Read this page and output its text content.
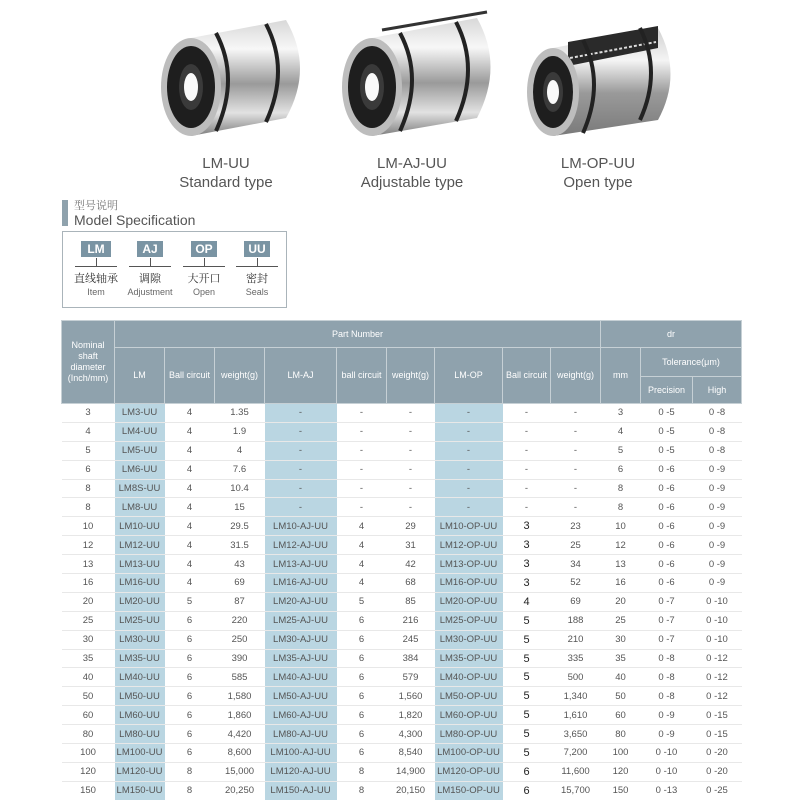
LM-UU
Standard type
LM-AJ-UU
Adjustable type
LM-OP-UU
Open type
型号说明
Model Specification
LM
直线轴承
Item
AJ
调隙
Adjustment
OP
大开口
Open
UU
密封
Seals
Nominal shaft diameter (Inch/mm)	Part Number									dr		
	LM	Ball circuit	weight(g)	LM-AJ	ball circuit	weight(g)	LM-OP	Ball circuit	weight(g)	mm	Tolerance(μm)	
											Precision	High
3	LM3-UU	4	1.35	-	-	-	-	-	-	3	0 -5	0 -8
4	LM4-UU	4	1.9	-	-	-	-	-	-	4	0 -5	0 -8
5	LM5-UU	4	4	-	-	-	-	-	-	5	0 -5	0 -8
6	LM6-UU	4	7.6	-	-	-	-	-	-	6	0 -6	0 -9
8	LM8S-UU	4	10.4	-	-	-	-	-	-	8	0 -6	0 -9
8	LM8-UU	4	15	-	-	-	-	-	-	8	0 -6	0 -9
10	LM10-UU	4	29.5	LM10-AJ-UU	4	29	LM10-OP-UU	3	23	10	0 -6	0 -9
12	LM12-UU	4	31.5	LM12-AJ-UU	4	31	LM12-OP-UU	3	25	12	0 -6	0 -9
13	LM13-UU	4	43	LM13-AJ-UU	4	42	LM13-OP-UU	3	34	13	0 -6	0 -9
16	LM16-UU	4	69	LM16-AJ-UU	4	68	LM16-OP-UU	3	52	16	0 -6	0 -9
20	LM20-UU	5	87	LM20-AJ-UU	5	85	LM20-OP-UU	4	69	20	0 -7	0 -10
25	LM25-UU	6	220	LM25-AJ-UU	6	216	LM25-OP-UU	5	188	25	0 -7	0 -10
30	LM30-UU	6	250	LM30-AJ-UU	6	245	LM30-OP-UU	5	210	30	0 -7	0 -10
35	LM35-UU	6	390	LM35-AJ-UU	6	384	LM35-OP-UU	5	335	35	0 -8	0 -12
40	LM40-UU	6	585	LM40-AJ-UU	6	579	LM40-OP-UU	5	500	40	0 -8	0 -12
50	LM50-UU	6	1,580	LM50-AJ-UU	6	1,560	LM50-OP-UU	5	1,340	50	0 -8	0 -12
60	LM60-UU	6	1,860	LM60-AJ-UU	6	1,820	LM60-OP-UU	5	1,610	60	0 -9	0 -15
80	LM80-UU	6	4,420	LM80-AJ-UU	6	4,300	LM80-OP-UU	5	3,650	80	0 -9	0 -15
100	LM100-UU	6	8,600	LM100-AJ-UU	6	8,540	LM100-OP-UU	5	7,200	100	0 -10	0 -20
120	LM120-UU	8	15,000	LM120-AJ-UU	8	14,900	LM120-OP-UU	6	11,600	120	0 -10	0 -20
150	LM150-UU	8	20,250	LM150-AJ-UU	8	20,150	LM150-OP-UU	6	15,700	150	0 -13	0 -25
